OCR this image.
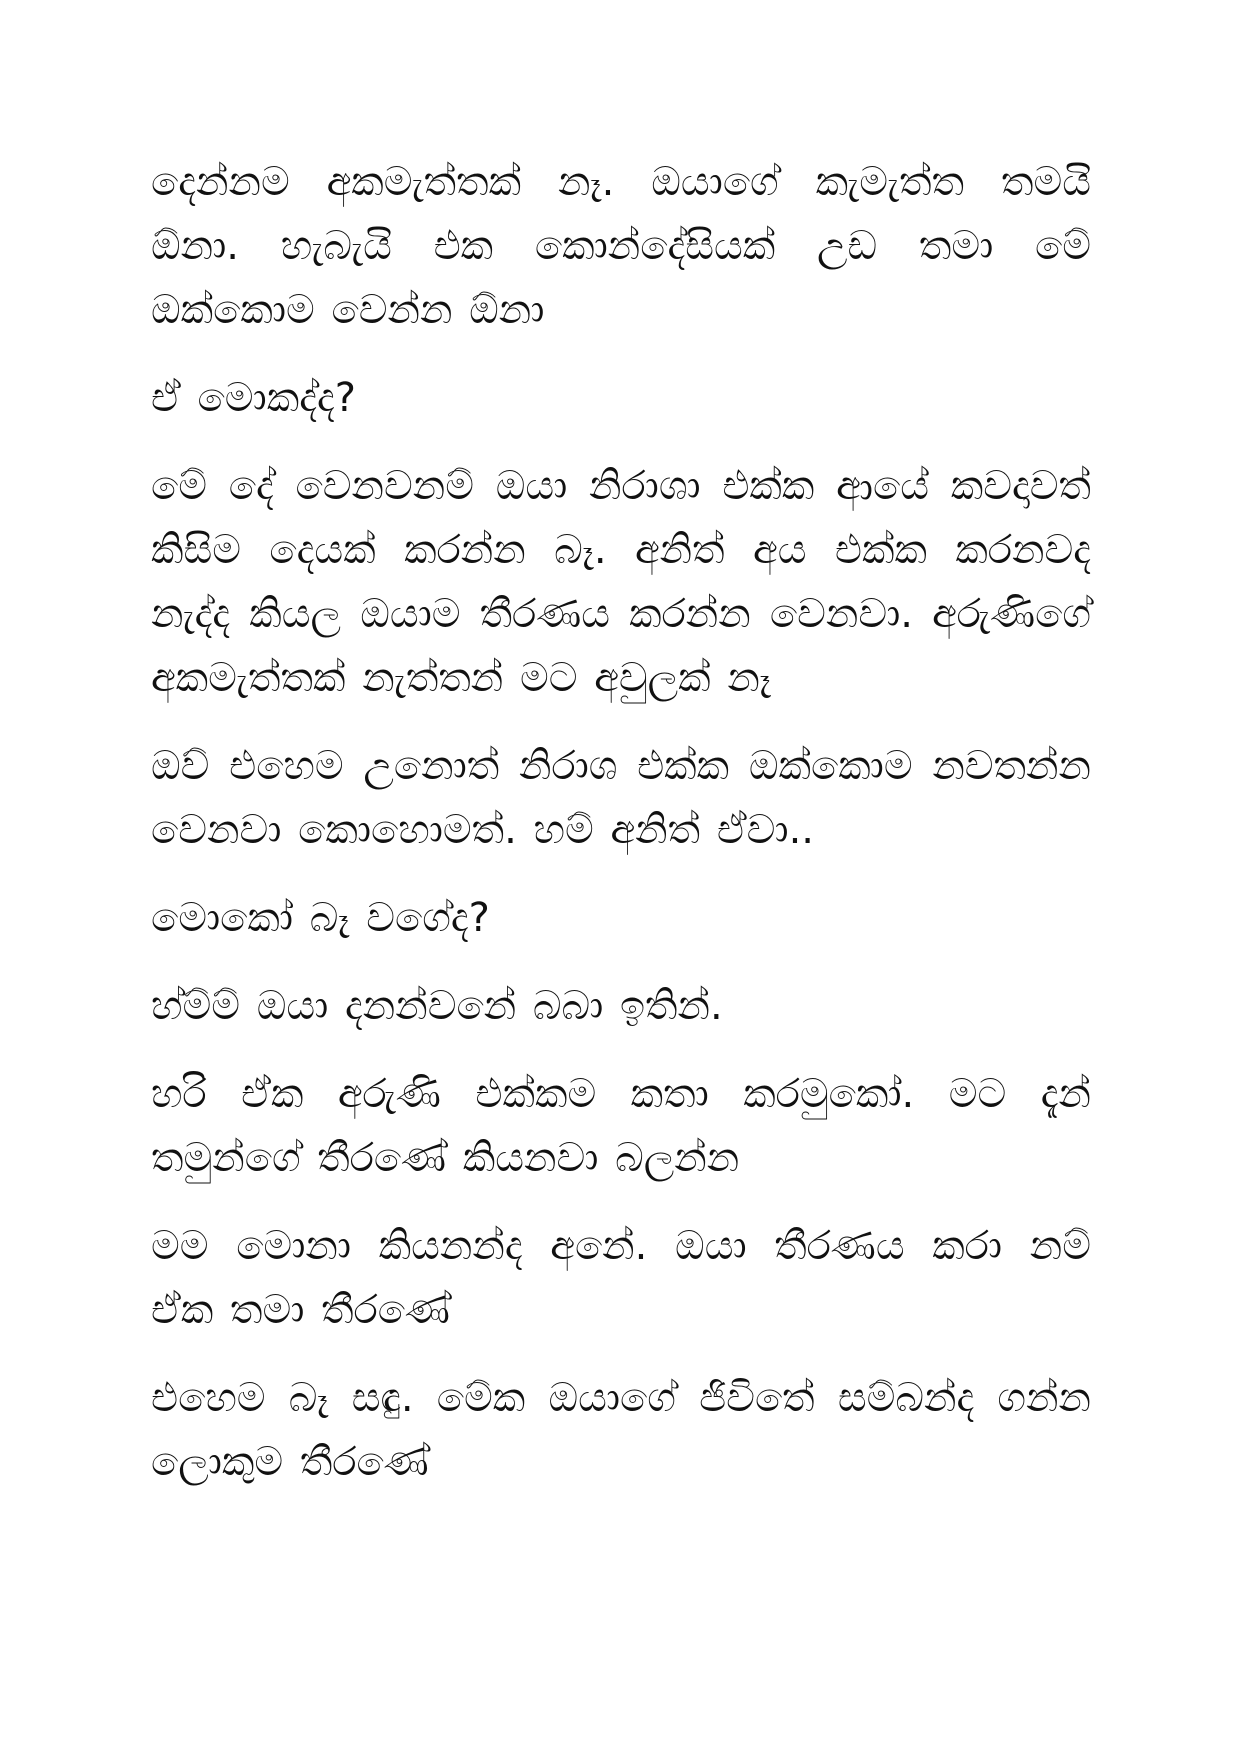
දෙන්නම අකමැත්තක් නෑ. ඔයාගේ කැමැත්ත තමයි ඕනා. හැබැයි එක කොන්දේසියක් උඩ තමා මේ ඔක්කොම වෙන්න ඕනා

ඒ මොකද්ද?

මේ දේ වෙනවනම් ඔයා නිරාශා එක්ක ආයේ කවදාවත් කිසිම දෙයක් කරන්න බෑ. අනිත් අය එක්ක කරනවද නැද්ද කියල ඔයාම තීරණය කරන්න වෙනවා. අරුණිගේ අකමැත්තක් නැත්තන් මට අවුලක් නෑ

ඔව් එහෙම උනොත් නිරාශ එක්ක ඔක්කොම නවතන්න වෙනවා කොහොමත්. හම් අනිත් ඒවා..

මොකෝ බෑ වගේද?

හ්ම්ම් ඔයා දනන්වනේ බබා ඉතින්.

හරි ඒක අරුණි එක්කම කතා කරමුකෝ. මට දැන් තමුන්ගේ තීරණේ කියනවා බලන්න

මම මොනා කියනන්ද අනේ. ඔයා තීරණය කරා නම් ඒක තමා තීරණේ

එහෙම බෑ සඳු. මේක ඔයාගේ ජිවිතේ සම්බන්ද ගන්න ලොකුම තීරණේ
